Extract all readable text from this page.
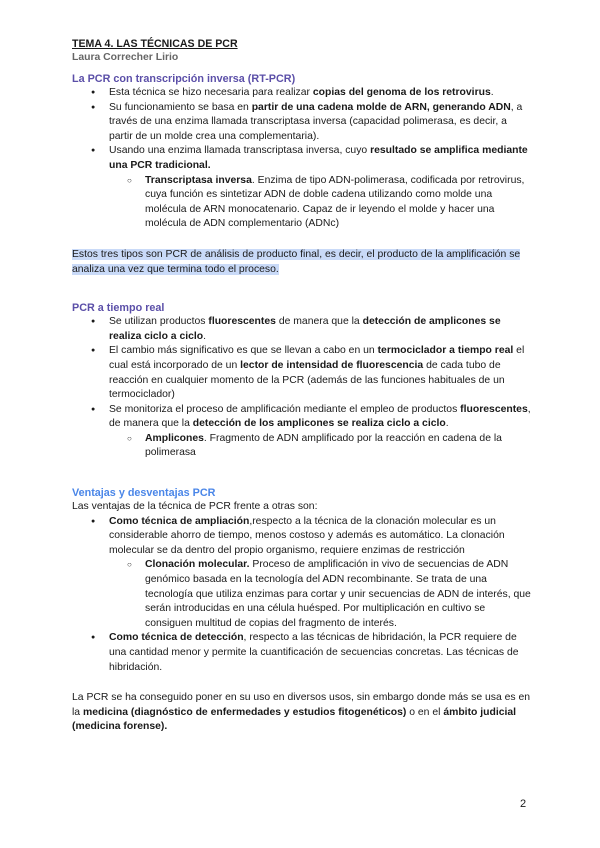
TEMA 4. LAS TÉCNICAS DE PCR
Laura Correcher Lirio
La PCR con transcripción inversa (RT-PCR)
● Esta técnica se hizo necesaria para realizar copias del genoma de los retrovirus.
● Su funcionamiento se basa en partir de una cadena molde de ARN, generando ADN, a través de una enzima llamada transcriptasa inversa (capacidad polimerasa, es decir, a partir de un molde crea una complementaria).
● Usando una enzima llamada transcriptasa inversa, cuyo resultado se amplifica mediante una PCR tradicional.
○ Transcriptasa inversa. Enzima de tipo ADN-polimerasa, codificada por retrovirus, cuya función es sintetizar ADN de doble cadena utilizando como molde una molécula de ARN monocatenario. Capaz de ir leyendo el molde y hacer una molécula de ADN complementario (ADNc)

Estos tres tipos son PCR de análisis de producto final, es decir, el producto de la amplificación se analiza una vez que termina todo el proceso.

PCR a tiempo real
● Se utilizan productos fluorescentes de manera que la detección de amplicones se realiza ciclo a ciclo.
● El cambio más significativo es que se llevan a cabo en un termociclador a tiempo real el cual está incorporado de un lector de intensidad de fluorescencia de cada tubo de reacción en cualquier momento de la PCR (además de las funciones habituales de un termociclador)
● Se monitoriza el proceso de amplificación mediante el empleo de productos fluorescentes, de manera que la detección de los amplicones se realiza ciclo a ciclo.
○ Amplicones. Fragmento de ADN amplificado por la reacción en cadena de la polimerasa
Ventajas y desventajas PCR

Las ventajas de la técnica de PCR frente a otras son:

● Como técnica de ampliación,respecto a la técnica de la clonación molecular es un considerable ahorro de tiempo, menos costoso y además es automático. La clonación molecular se da dentro del propio organismo, requiere enzimas de restricción
○ Clonación molecular. Proceso de amplificación in vivo de secuencias de ADN genómico basada en la tecnología del ADN recombinante. Se trata de una tecnología que utiliza enzimas para cortar y unir secuencias de ADN de interés, que serán introducidas en una célula huésped. Por multiplicación en cultivo se consiguen multitud de copias del fragmento de interés.
● Como técnica de detección, respecto a las técnicas de hibridación, la PCR requiere de una cantidad menor y permite la cuantificación de secuencias concretas. Las técnicas de hibridación.

La PCR se ha conseguido poner en su uso en diversos usos, sin embargo donde más se usa es en la medicina (diagnóstico de enfermedades y estudios fitogenéticos) o en el ámbito judicial (medicina forense).

2
